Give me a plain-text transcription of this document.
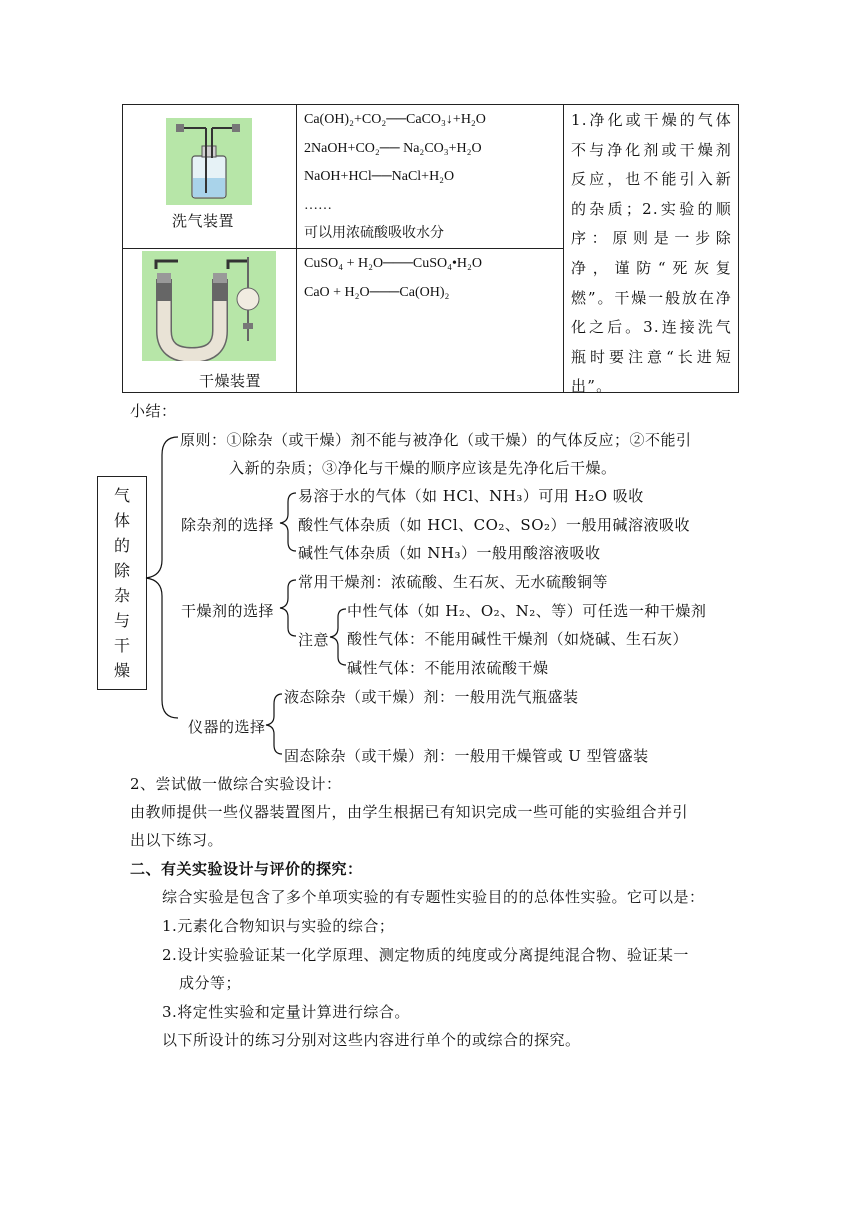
洗气装置
Ca(OH)₂+CO₂──CaCO₃↓+H₂O
2NaOH+CO₂── Na₂CO₃+H₂O
NaOH+HCl──NaCl+H₂O
……
可以用浓硫酸吸收水分
干燥装置
CuSO₄ + H₂O───CuSO₄•H₂O
CaO + H₂O───Ca(OH)₂
1.净化或干燥的气体不与净化剂或干燥剂反应，也不能引入新的杂质；2.实验的顺序：原则是一步除净，谨防“死灰复燃”。干燥一般放在净化之后。3.连接洗气瓶时要注意“长进短出”。
小结：
气
体
的
除
杂
与
干
燥
原则：①除杂（或干燥）剂不能与被净化（或干燥）的气体反应；②不能引
入新的杂质；③净化与干燥的顺序应该是先净化后干燥。
除杂剂的选择
易溶于水的气体（如 HCl、NH₃）可用 H₂O 吸收
酸性气体杂质（如 HCl、CO₂、SO₂）一般用碱溶液吸收
碱性气体杂质（如 NH₃）一般用酸溶液吸收
干燥剂的选择
常用干燥剂：浓硫酸、生石灰、无水硫酸铜等
注意
中性气体（如 H₂、O₂、N₂、等）可任选一种干燥剂
酸性气体：不能用碱性干燥剂（如烧碱、生石灰）
碱性气体：不能用浓硫酸干燥
仪器的选择
液态除杂（或干燥）剂：一般用洗气瓶盛装
固态除杂（或干燥）剂：一般用干燥管或 U 型管盛装
2、尝试做一做综合实验设计：
由教师提供一些仪器装置图片，由学生根据已有知识完成一些可能的实验组合并引
出以下练习。
二、有关实验设计与评价的探究：
综合实验是包含了多个单项实验的有专题性实验目的的总体性实验。它可以是：
1.元素化合物知识与实验的综合；
2.设计实验验证某一化学原理、测定物质的纯度或分离提纯混合物、验证某一
成分等；
3.将定性实验和定量计算进行综合。
以下所设计的练习分别对这些内容进行单个的或综合的探究。
